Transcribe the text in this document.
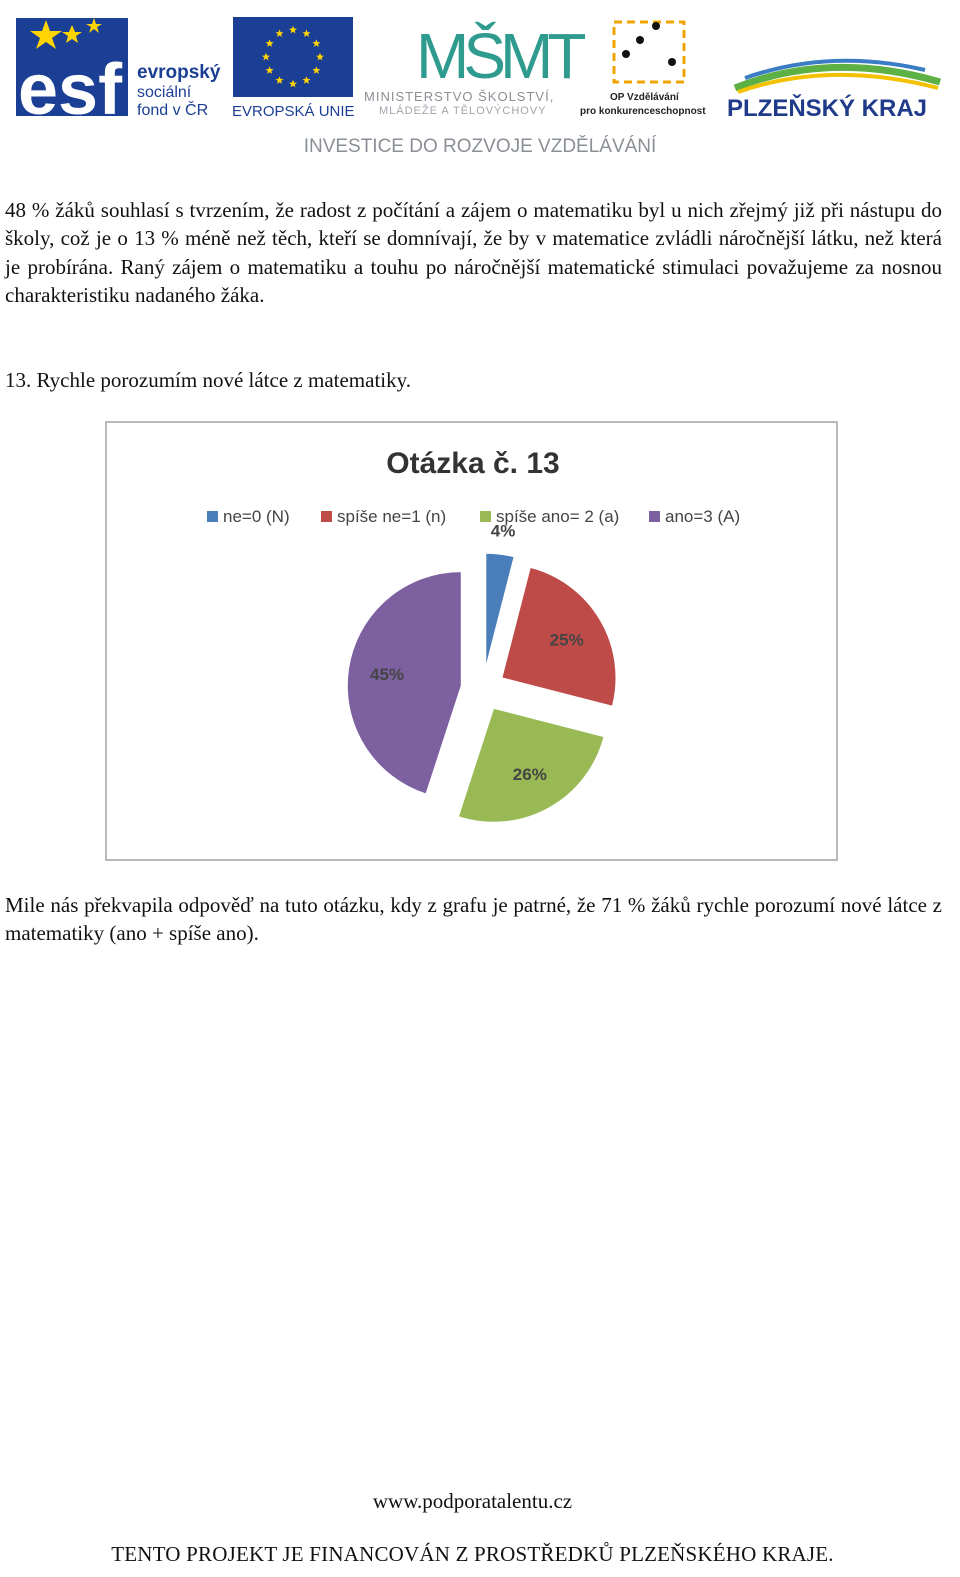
esf evropský
sociální
fond v ČR EVROPSKÁ UNIE
MŠMT
MINISTERSTVO ŠKOLSTVÍ,
MLÁDEŽE A TĚLOVÝCHOVY
OP Vzdělávání
pro konkurenceschopnost PLZEŇSKÝ KRAJ
INVESTICE DO ROZVOJE VZDĚLÁVÁNÍ

48 % žáků souhlasí s tvrzením, že radost z počítání a zájem o matematiku byl u nich zřejmý již při nástupu do školy, což je o 13 % méně než těch, kteří se domnívají, že by v matematice zvládli náročnější látku, než která je probírána. Raný zájem o matematiku a touhu po náročnější matematické stimulaci považujeme za nosnou charakteristiku nadaného žáka.

13. Rychle porozumím nové látce z matematiky.

Otázka č. 13
ne=0 (N)	spíše ne=1 (n)	spíše ano= 2 (a)	ano=3 (A)
4%
25%
26%
45%

Mile nás překvapila odpověď na tuto otázku, kdy z grafu je patrné, že 71 % žáků rychle porozumí nové látce z matematiky (ano + spíše ano).

www.podporatalentu.cz
TENTO PROJEKT JE FINANCOVÁN Z PROSTŘEDKŮ PLZEŇSKÉHO KRAJE.
